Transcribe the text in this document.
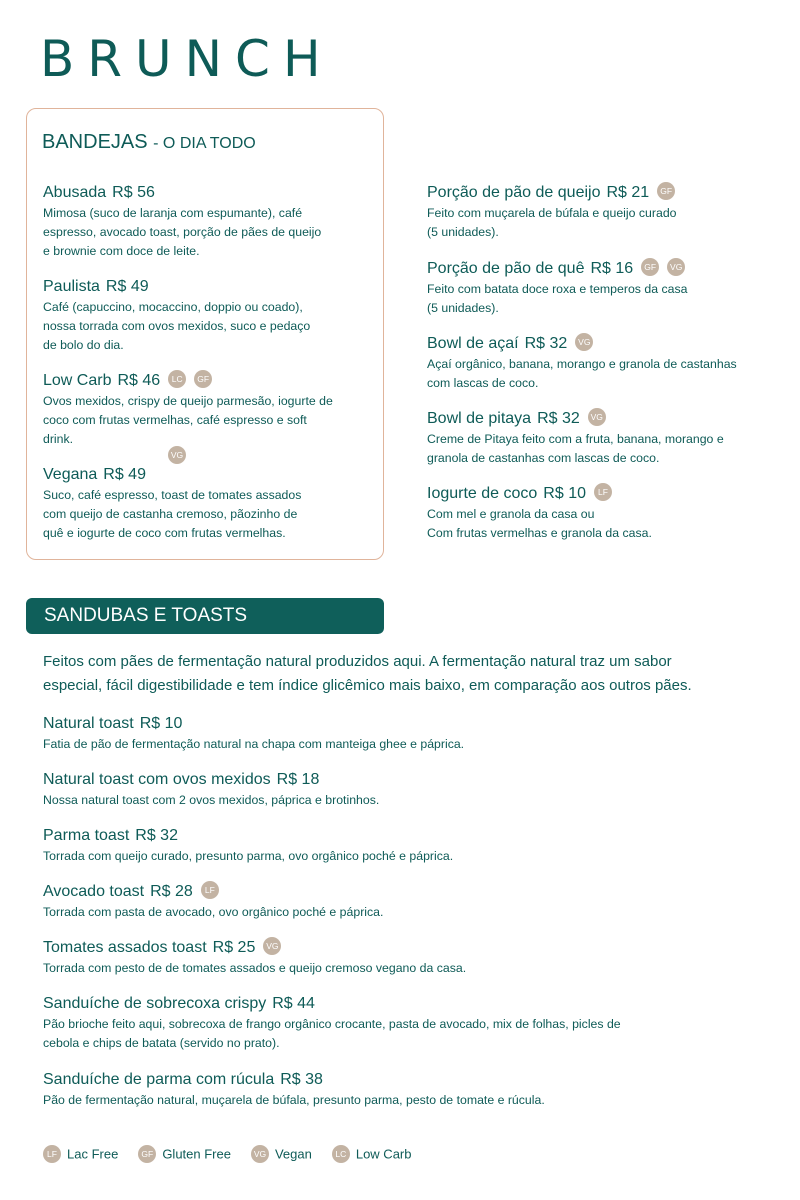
BRUNCH
BANDEJAS - O DIA TODO
Abusada R$ 56
Mimosa (suco de laranja com espumante), café
espresso, avocado toast, porção de pães de queijo
e brownie com doce de leite.
Paulista R$ 49
Café (capuccino, mocaccino, doppio ou coado),
nossa torrada com ovos mexidos, suco e pedaço
de bolo do dia.
Low Carb R$ 46 LC GF
Ovos mexidos, crispy de queijo parmesão, iogurte de
coco com frutas vermelhas, café espresso e soft
drink.
Vegana R$ 49
Suco, café espresso, toast de tomates assados
com queijo de castanha cremoso, pãozinho de
quê e iogurte de coco com frutas vermelhas.
VG
Porção de pão de queijo R$ 21 GF
Feito com muçarela de búfala e queijo curado
(5 unidades).
Porção de pão de quê R$ 16 GF VG
Feito com batata doce roxa e temperos da casa
(5 unidades).
Bowl de açaí R$ 32 VG
Açaí orgânico, banana, morango e granola de castanhas
com lascas de coco.
Bowl de pitaya R$ 32 VG
Creme de Pitaya feito com a fruta, banana, morango e
granola de castanhas com lascas de coco.
Iogurte de coco R$ 10 LF
Com mel e granola da casa ou
Com frutas vermelhas e granola da casa.
SANDUBAS E TOASTS
Feitos com pães de fermentação natural produzidos aqui. A fermentação natural traz um sabor
especial, fácil digestibilidade e tem índice glicêmico mais baixo, em comparação aos outros pães.
Natural toast R$ 10
Fatia de pão de fermentação natural na chapa com manteiga ghee e páprica.
Natural toast com ovos mexidos R$ 18
Nossa natural toast com 2 ovos mexidos, páprica e brotinhos.
Parma toast R$ 32
Torrada com queijo curado, presunto parma, ovo orgânico poché e páprica.
Avocado toast R$ 28 LF
Torrada com pasta de avocado, ovo orgânico poché e páprica.
Tomates assados toast R$ 25 VG
Torrada com pesto de de tomates assados e queijo cremoso vegano da casa.
Sanduíche de sobrecoxa crispy R$ 44
Pão brioche feito aqui, sobrecoxa de frango orgânico crocante, pasta de avocado, mix de folhas, picles de
cebola e chips de batata (servido no prato).
Sanduíche de parma com rúcula R$ 38
Pão de fermentação natural, muçarela de búfala, presunto parma, pesto de tomate e rúcula.
LF Lac Free	GF Gluten Free	VG Vegan	LC Low Carb
